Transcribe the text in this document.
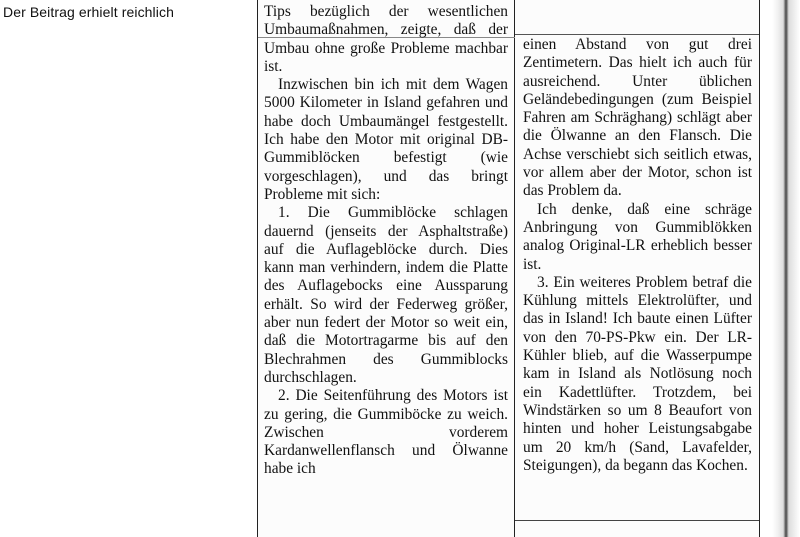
Der Beitrag erhielt reichlich	Tips bezüglich der wesentlichen Umbaumaßnahmen, zeigte, daß der Umbau ohne große Probleme machbar ist.

Inzwischen bin ich mit dem Wagen 5000 Kilometer in Island gefahren und habe doch Umbaumängel festgestellt. Ich habe den Motor mit original DB-Gummiblöcken befestigt (wie vorgeschlagen), und das bringt Probleme mit sich:

1. Die Gummiblöcke schlagen dauernd (jenseits der Asphaltstraße) auf die Auflageblöcke durch. Dies kann man verhindern, indem die Platte des Auflagebocks eine Aussparung erhält. So wird der Federweg größer, aber nun federt der Motor so weit ein, daß die Motortragarme bis auf den Blechrahmen des Gummiblocks durchschlagen.

2. Die Seitenführung des Motors ist zu gering, die Gummiböcke zu weich. Zwischen vorderem Kardanwellenflansch und Ölwanne habe ich

einen Abstand von gut drei Zentimetern. Das hielt ich auch für ausreichend. Unter üblichen Geländebedingungen (zum Beispiel Fahren am Schräghang) schlägt aber die Ölwanne an den Flansch. Die Achse verschiebt sich seitlich etwas, vor allem aber der Motor, schon ist das Problem da.

Ich denke, daß eine schräge Anbringung von Gummiblökken analog Original-LR erheblich besser ist.

3. Ein weiteres Problem betraf die Kühlung mittels Elektrolüfter, und das in Island! Ich baute einen Lüfter von den 70-PS-Pkw ein. Der LR-Kühler blieb, auf die Wasserpumpe kam in Island als Notlösung noch ein Kadettlüfter. Trotzdem, bei Windstärken so um 8 Beaufort von hinten und hoher Leistungsabgabe um 20 km/h (Sand, Lavafelder, Steigungen), da begann das Kochen.
